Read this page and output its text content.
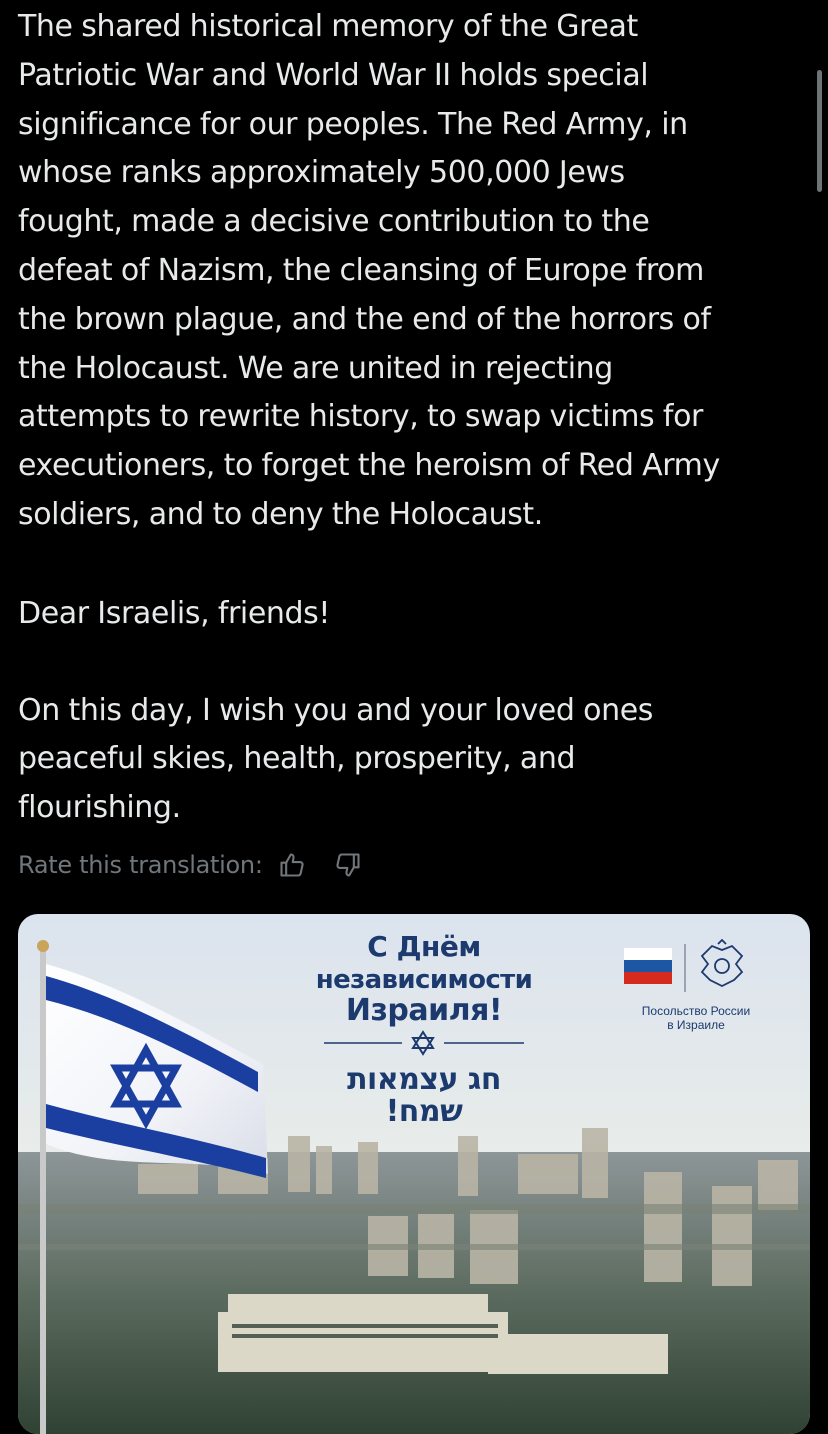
The shared historical memory of the Great
Patriotic War and World War II holds special
significance for our peoples. The Red Army, in
whose ranks approximately 500,000 Jews
fought, made a decisive contribution to the
defeat of Nazism, the cleansing of Europe from
the brown plague, and the end of the horrors of
the Holocaust. We are united in rejecting
attempts to rewrite history, to swap victims for
executioners, to forget the heroism of Red Army
soldiers, and to deny the Holocaust.

Dear Israelis, friends!

On this day, I wish you and your loved ones
peaceful skies, health, prosperity, and
flourishing.

Rate this translation:
С Днём
независимости
Израиля!
חג עצמאות
שמח!
Посольство России
в Израиле
